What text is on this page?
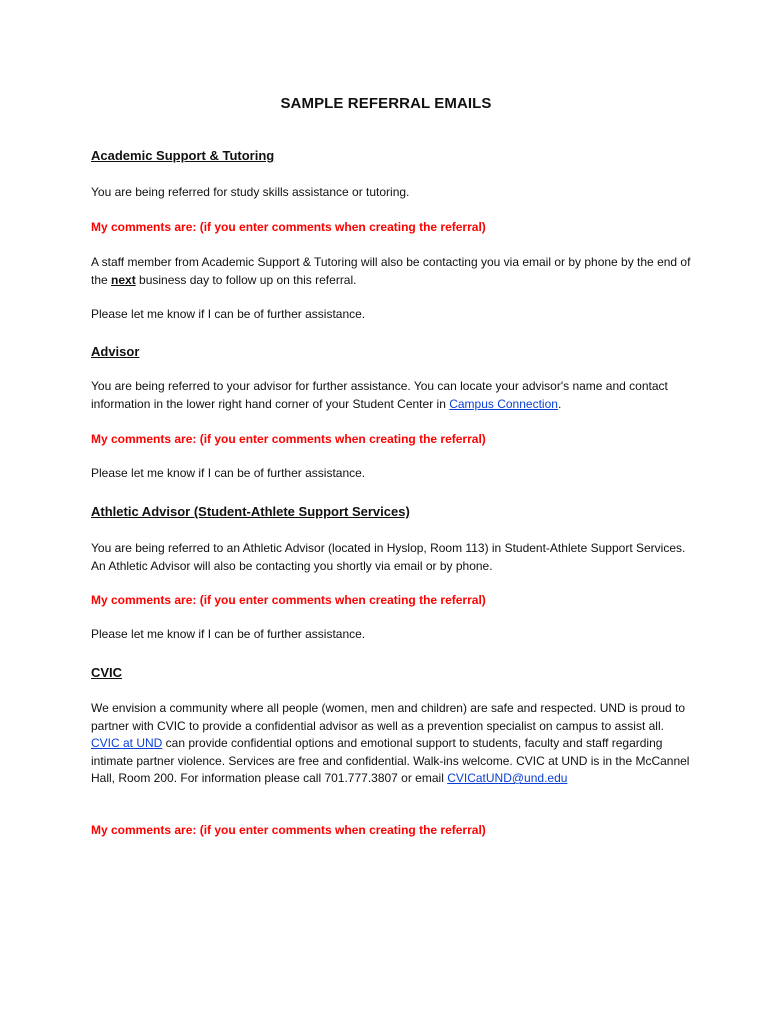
SAMPLE REFERRAL EMAILS
Academic Support & Tutoring

You are being referred for study skills assistance or tutoring.

My comments are: (if you enter comments when creating the referral)

A staff member from Academic Support & Tutoring will also be contacting you via email or by phone by the end of the next business day to follow up on this referral.

Please let me know if I can be of further assistance.

Advisor

You are being referred to your advisor for further assistance. You can locate your advisor's name and contact information in the lower right hand corner of your Student Center in Campus Connection.

My comments are: (if you enter comments when creating the referral)

Please let me know if I can be of further assistance.

Athletic Advisor (Student-Athlete Support Services)

You are being referred to an Athletic Advisor (located in Hyslop, Room 113) in Student-Athlete Support Services. An Athletic Advisor will also be contacting you shortly via email or by phone.

My comments are: (if you enter comments when creating the referral)

Please let me know if I can be of further assistance.

CVIC

We envision a community where all people (women, men and children) are safe and respected. UND is proud to partner with CVIC to provide a confidential advisor as well as a prevention specialist on campus to assist all. CVIC at UND can provide confidential options and emotional support to students, faculty and staff regarding intimate partner violence. Services are free and confidential. Walk-ins welcome. CVIC at UND is in the McCannel Hall, Room 200. For information please call 701.777.3807 or email CVICatUND@und.edu

My comments are: (if you enter comments when creating the referral)
